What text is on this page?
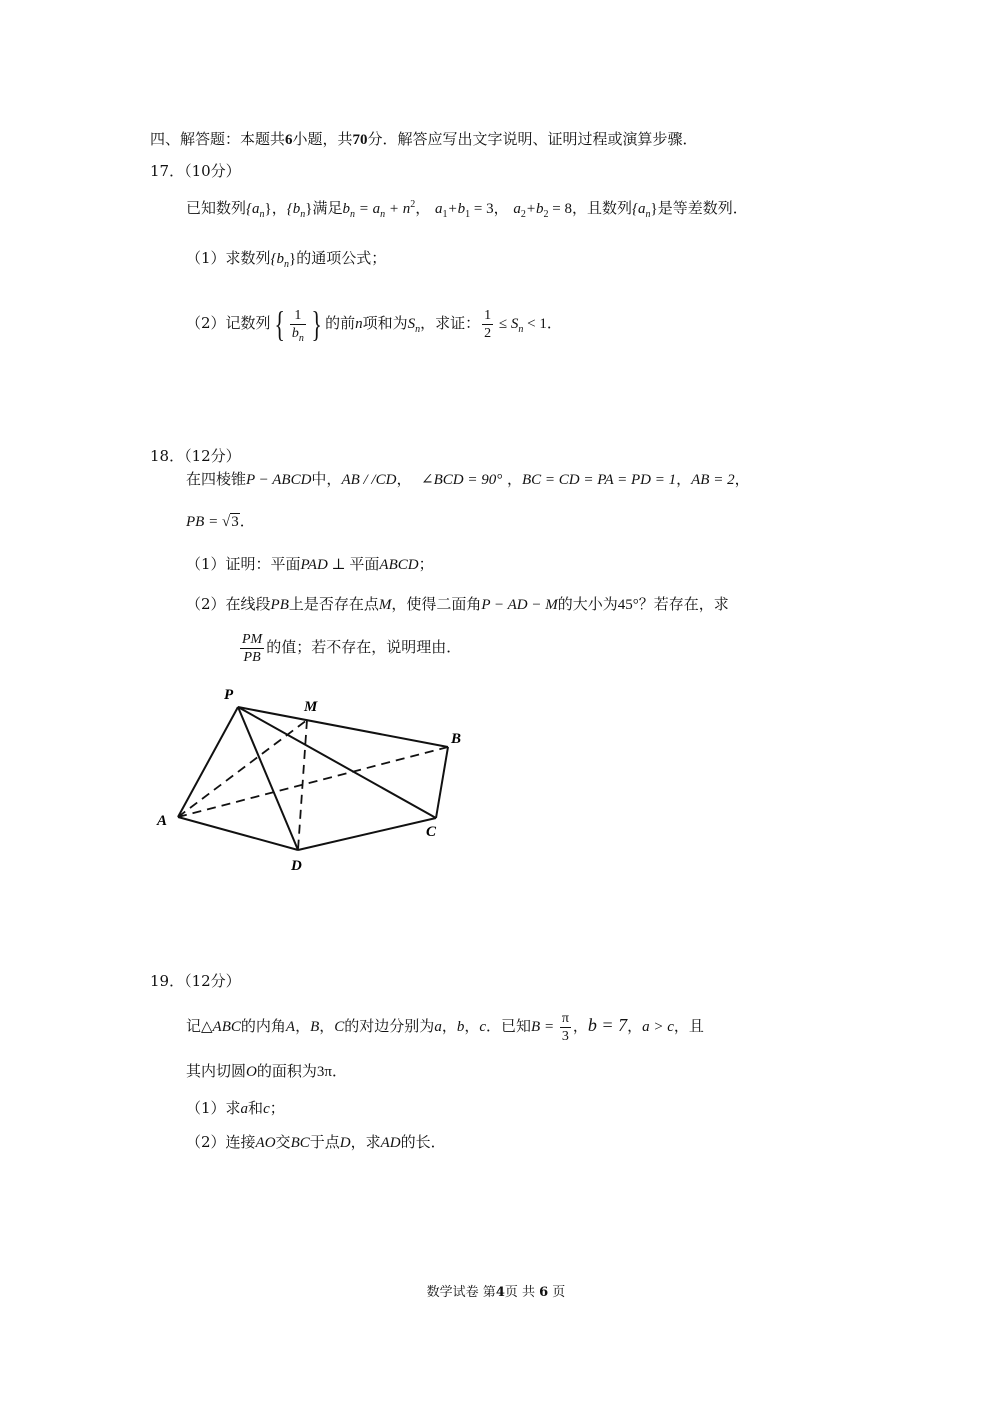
四、解答题：本题共6小题，共70分．解答应写出文字说明、证明过程或演算步骤．
17．（10分）
已知数列$\{a_n\}$，$\{b_n\}$满足$b_n = a_n + n^2$， $a_1+b_1 = 3$， $a_2+b_2 = 8$，且数列$\{a_n\}$是等差数列．
（1）求数列$\{b_n\}$的通项公式；
（2）记数列{ $\frac{1}{b_n}$ } 的前n项和为$S_n$，求证： $\frac{1}{2} \le S_n < 1$．
18．（12分）
在四棱锥P − ABCD中，AB / /CD， ∠BCD = 90° ，BC = CD = PA = PD = 1，AB = 2，
PB = √3．
（1）证明：平面PAD ⊥ 平面ABCD；
（2）在线段PB上是否存在点M，使得二面角P − AD − M的大小为45°？若存在，求
$\frac{PM}{PB}$ 的值；若不存在，说明理由．
P
M
B
A
C
D
19．（12分）
记△ABC的内角A，B，C的对边分别为a，b，c．已知$B = \frac{\pi}{3}$ ，b = 7，a > c，且
其内切圆O的面积为3π．
（1）求a和c；
（2）连接AO交BC于点D，求AD的长．
数学试卷 第4页 共 6 页
